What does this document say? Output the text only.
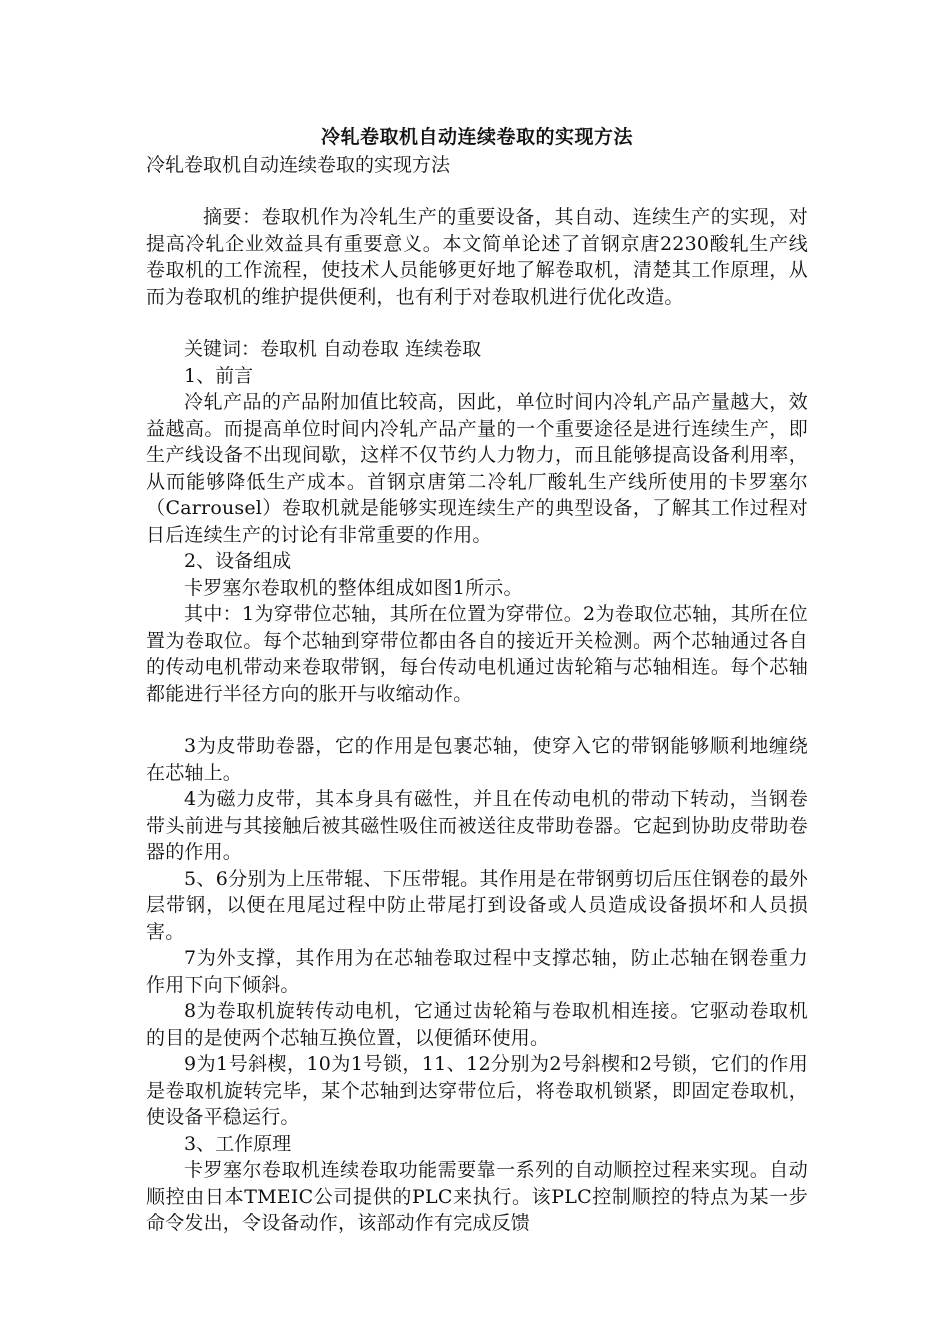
冷轧卷取机自动连续卷取的实现方法

冷轧卷取机自动连续卷取的实现方法

摘要：卷取机作为冷轧生产的重要设备，其自动、连续生产的实现，对提高冷轧企业效益具有重要意义。本文简单论述了首钢京唐2230酸轧生产线卷取机的工作流程，使技术人员能够更好地了解卷取机，清楚其工作原理，从而为卷取机的维护提供便利，也有利于对卷取机进行优化改造。

关键词：卷取机 自动卷取 连续卷取

1、前言

冷轧产品的产品附加值比较高，因此，单位时间内冷轧产品产量越大，效益越高。而提高单位时间内冷轧产品产量的一个重要途径是进行连续生产，即生产线设备不出现间歇，这样不仅节约人力物力，而且能够提高设备利用率，从而能够降低生产成本。首钢京唐第二冷轧厂酸轧生产线所使用的卡罗塞尔（Carrousel）卷取机就是能够实现连续生产的典型设备，了解其工作过程对日后连续生产的讨论有非常重要的作用。

2、设备组成

卡罗塞尔卷取机的整体组成如图1所示。

其中：1为穿带位芯轴，其所在位置为穿带位。2为卷取位芯轴，其所在位置为卷取位。每个芯轴到穿带位都由各自的接近开关检测。两个芯轴通过各自的传动电机带动来卷取带钢，每台传动电机通过齿轮箱与芯轴相连。每个芯轴都能进行半径方向的胀开与收缩动作。

3为皮带助卷器，它的作用是包裹芯轴，使穿入它的带钢能够顺利地缠绕在芯轴上。

4为磁力皮带，其本身具有磁性，并且在传动电机的带动下转动，当钢卷带头前进与其接触后被其磁性吸住而被送往皮带助卷器。它起到协助皮带助卷器的作用。

5、6分别为上压带辊、下压带辊。其作用是在带钢剪切后压住钢卷的最外层带钢，以便在甩尾过程中防止带尾打到设备或人员造成设备损坏和人员损害。

7为外支撑，其作用为在芯轴卷取过程中支撑芯轴，防止芯轴在钢卷重力作用下向下倾斜。

8为卷取机旋转传动电机，它通过齿轮箱与卷取机相连接。它驱动卷取机的目的是使两个芯轴互换位置，以便循环使用。

9为1号斜楔，10为1号锁，11、12分别为2号斜楔和2号锁，它们的作用是卷取机旋转完毕，某个芯轴到达穿带位后，将卷取机锁紧，即固定卷取机，使设备平稳运行。

3、工作原理

卡罗塞尔卷取机连续卷取功能需要靠一系列的自动顺控过程来实现。自动顺控由日本TMEIC公司提供的PLC来执行。该PLC控制顺控的特点为某一步命令发出，令设备动作，该部动作有完成反馈
